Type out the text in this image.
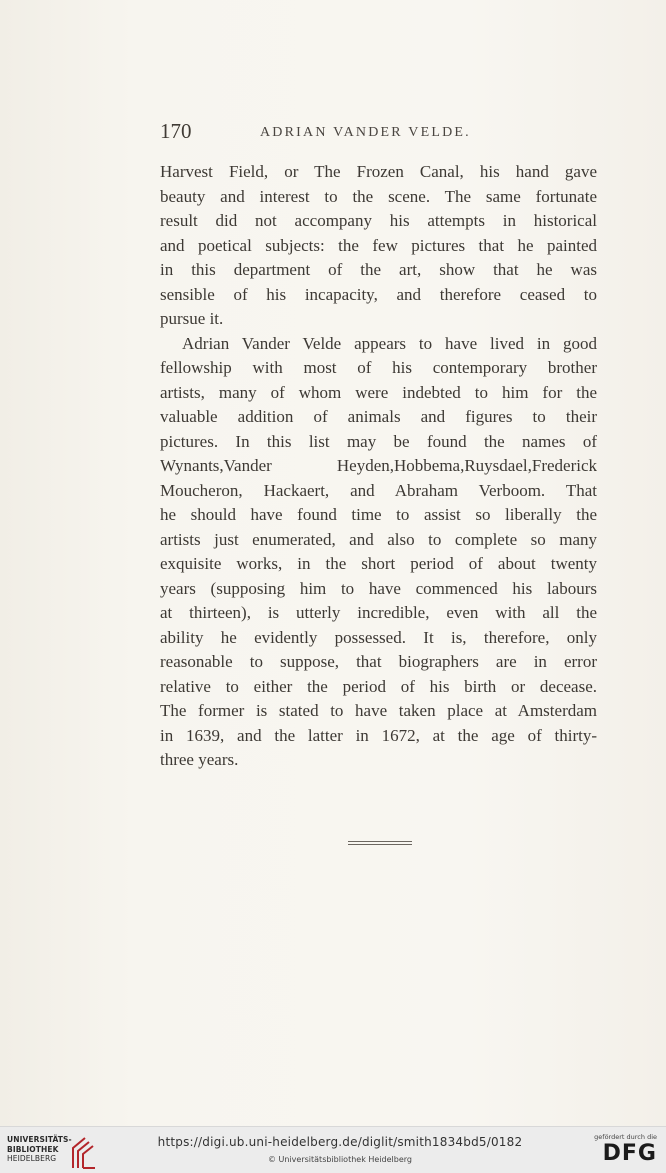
170	ADRIAN VANDER VELDE.
Harvest Field, or The Frozen Canal, his hand gave
beauty and interest to the scene. The same fortunate
result did not accompany his attempts in historical
and poetical subjects: the few pictures that he painted
in this department of the art, show that he was
sensible of his incapacity, and therefore ceased to
pursue it.
Adrian Vander Velde appears to have lived in good
fellowship with most of his contemporary brother
artists, many of whom were indebted to him for the
valuable addition of animals and figures to their
pictures. In this list may be found the names of
Wynants,Vander Heyden,Hobbema,Ruysdael,Frederick
Moucheron, Hackaert, and Abraham Verboom. That
he should have found time to assist so liberally the
artists just enumerated, and also to complete so many
exquisite works, in the short period of about twenty
years (supposing him to have commenced his labours
at thirteen), is utterly incredible, even with all the
ability he evidently possessed. It is, therefore, only
reasonable to suppose, that biographers are in error
relative to either the period of his birth or decease.
The former is stated to have taken place at Amsterdam
in 1639, and the latter in 1672, at the age of thirty-
three years.
UNIVERSITÄTS-
BIBLIOTHEK
HEIDELBERG
https://digi.ub.uni-heidelberg.de/diglit/smith1834bd5/0182
© Universitätsbibliothek Heidelberg
gefördert durch die
DFG
